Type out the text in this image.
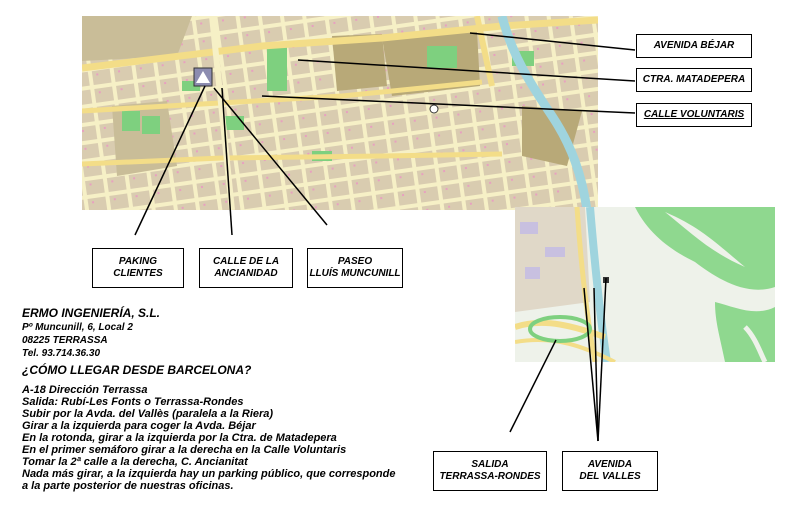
AVENIDA BÉJAR
CTRA. MATADEPERA
CALLE VOLUNTARIS
PAKING
CLIENTES
CALLE DE LA
ANCIANIDAD
PASEO
LLUÍS MUNCUNILL
SALIDA
TERRASSA-RONDES
AVENIDA
DEL VALLES
ERMO INGENIERÍA, S.L.
Pº Muncunill, 6, Local 2
08225 TERRASSA
Tel. 93.714.36.30
¿CÓMO LLEGAR DESDE BARCELONA?
A-18 Dirección Terrassa
Salida: Rubí-Les Fonts o Terrassa-Rondes
Subir por la Avda. del Vallès (paralela a la Riera)
Girar a la izquierda para coger la Avda. Béjar
En la rotonda, girar a la izquierda por la Ctra. de Matadepera
En el primer semáforo girar a la derecha en la Calle Voluntaris
Tomar la 2ª calle a la derecha, C. Ancianitat
Nada más girar, a la izquierda hay un parking público, que corresponde
a la parte posterior de nuestras oficinas.
